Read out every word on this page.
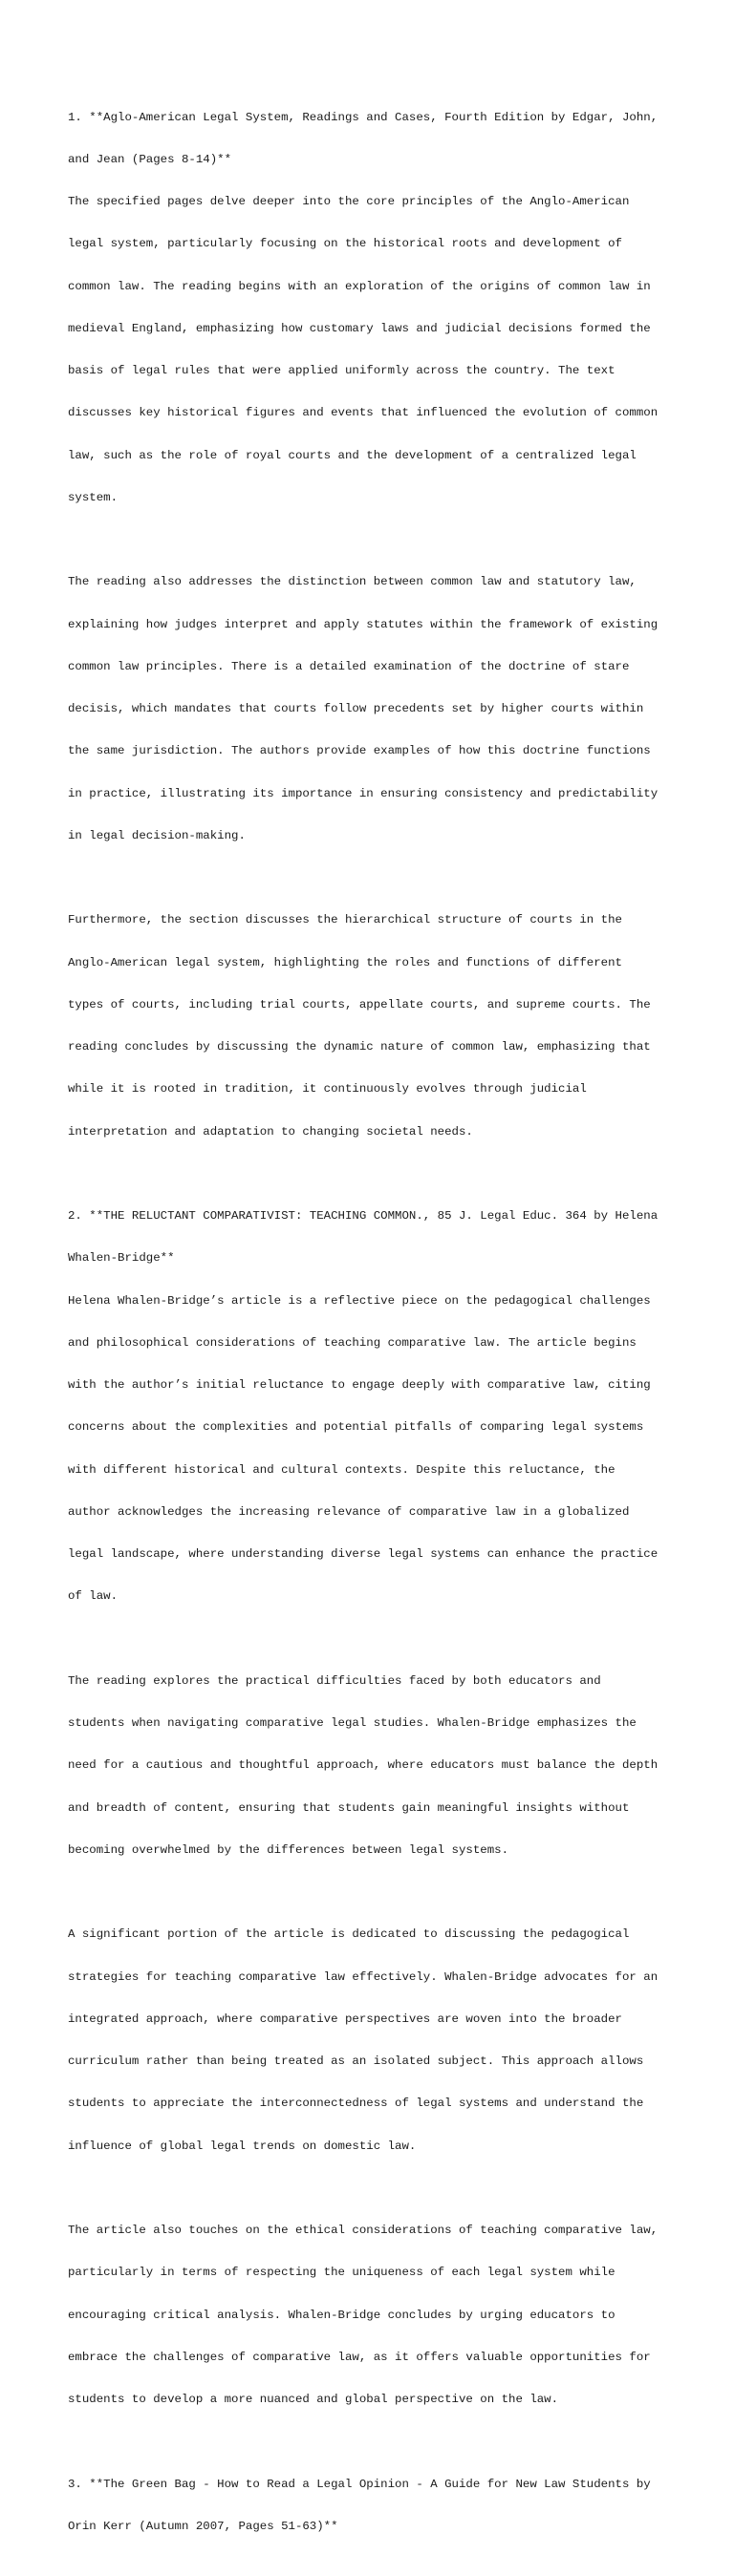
1. **Aglo-American Legal System, Readings and Cases, Fourth Edition by Edgar, John,

and Jean (Pages 8-14)**

The specified pages delve deeper into the core principles of the Anglo-American

legal system, particularly focusing on the historical roots and development of

common law. The reading begins with an exploration of the origins of common law in

medieval England, emphasizing how customary laws and judicial decisions formed the

basis of legal rules that were applied uniformly across the country. The text

discusses key historical figures and events that influenced the evolution of common

law, such as the role of royal courts and the development of a centralized legal

system.

The reading also addresses the distinction between common law and statutory law,

explaining how judges interpret and apply statutes within the framework of existing

common law principles. There is a detailed examination of the doctrine of stare

decisis, which mandates that courts follow precedents set by higher courts within

the same jurisdiction. The authors provide examples of how this doctrine functions

in practice, illustrating its importance in ensuring consistency and predictability

in legal decision-making.

Furthermore, the section discusses the hierarchical structure of courts in the

Anglo-American legal system, highlighting the roles and functions of different

types of courts, including trial courts, appellate courts, and supreme courts. The

reading concludes by discussing the dynamic nature of common law, emphasizing that

while it is rooted in tradition, it continuously evolves through judicial

interpretation and adaptation to changing societal needs.

2. **THE RELUCTANT COMPARATIVIST: TEACHING COMMON., 85 J. Legal Educ. 364 by Helena

Whalen-Bridge**

Helena Whalen-Bridge’s article is a reflective piece on the pedagogical challenges

and philosophical considerations of teaching comparative law. The article begins

with the author’s initial reluctance to engage deeply with comparative law, citing

concerns about the complexities and potential pitfalls of comparing legal systems

with different historical and cultural contexts. Despite this reluctance, the

author acknowledges the increasing relevance of comparative law in a globalized

legal landscape, where understanding diverse legal systems can enhance the practice

of law.

The reading explores the practical difficulties faced by both educators and

students when navigating comparative legal studies. Whalen-Bridge emphasizes the

need for a cautious and thoughtful approach, where educators must balance the depth

and breadth of content, ensuring that students gain meaningful insights without

becoming overwhelmed by the differences between legal systems.

A significant portion of the article is dedicated to discussing the pedagogical

strategies for teaching comparative law effectively. Whalen-Bridge advocates for an

integrated approach, where comparative perspectives are woven into the broader

curriculum rather than being treated as an isolated subject. This approach allows

students to appreciate the interconnectedness of legal systems and understand the

influence of global legal trends on domestic law.

The article also touches on the ethical considerations of teaching comparative law,

particularly in terms of respecting the uniqueness of each legal system while

encouraging critical analysis. Whalen-Bridge concludes by urging educators to

embrace the challenges of comparative law, as it offers valuable opportunities for

students to develop a more nuanced and global perspective on the law.

3. **The Green Bag - How to Read a Legal Opinion - A Guide for New Law Students by

Orin Kerr (Autumn 2007, Pages 51-63)**
